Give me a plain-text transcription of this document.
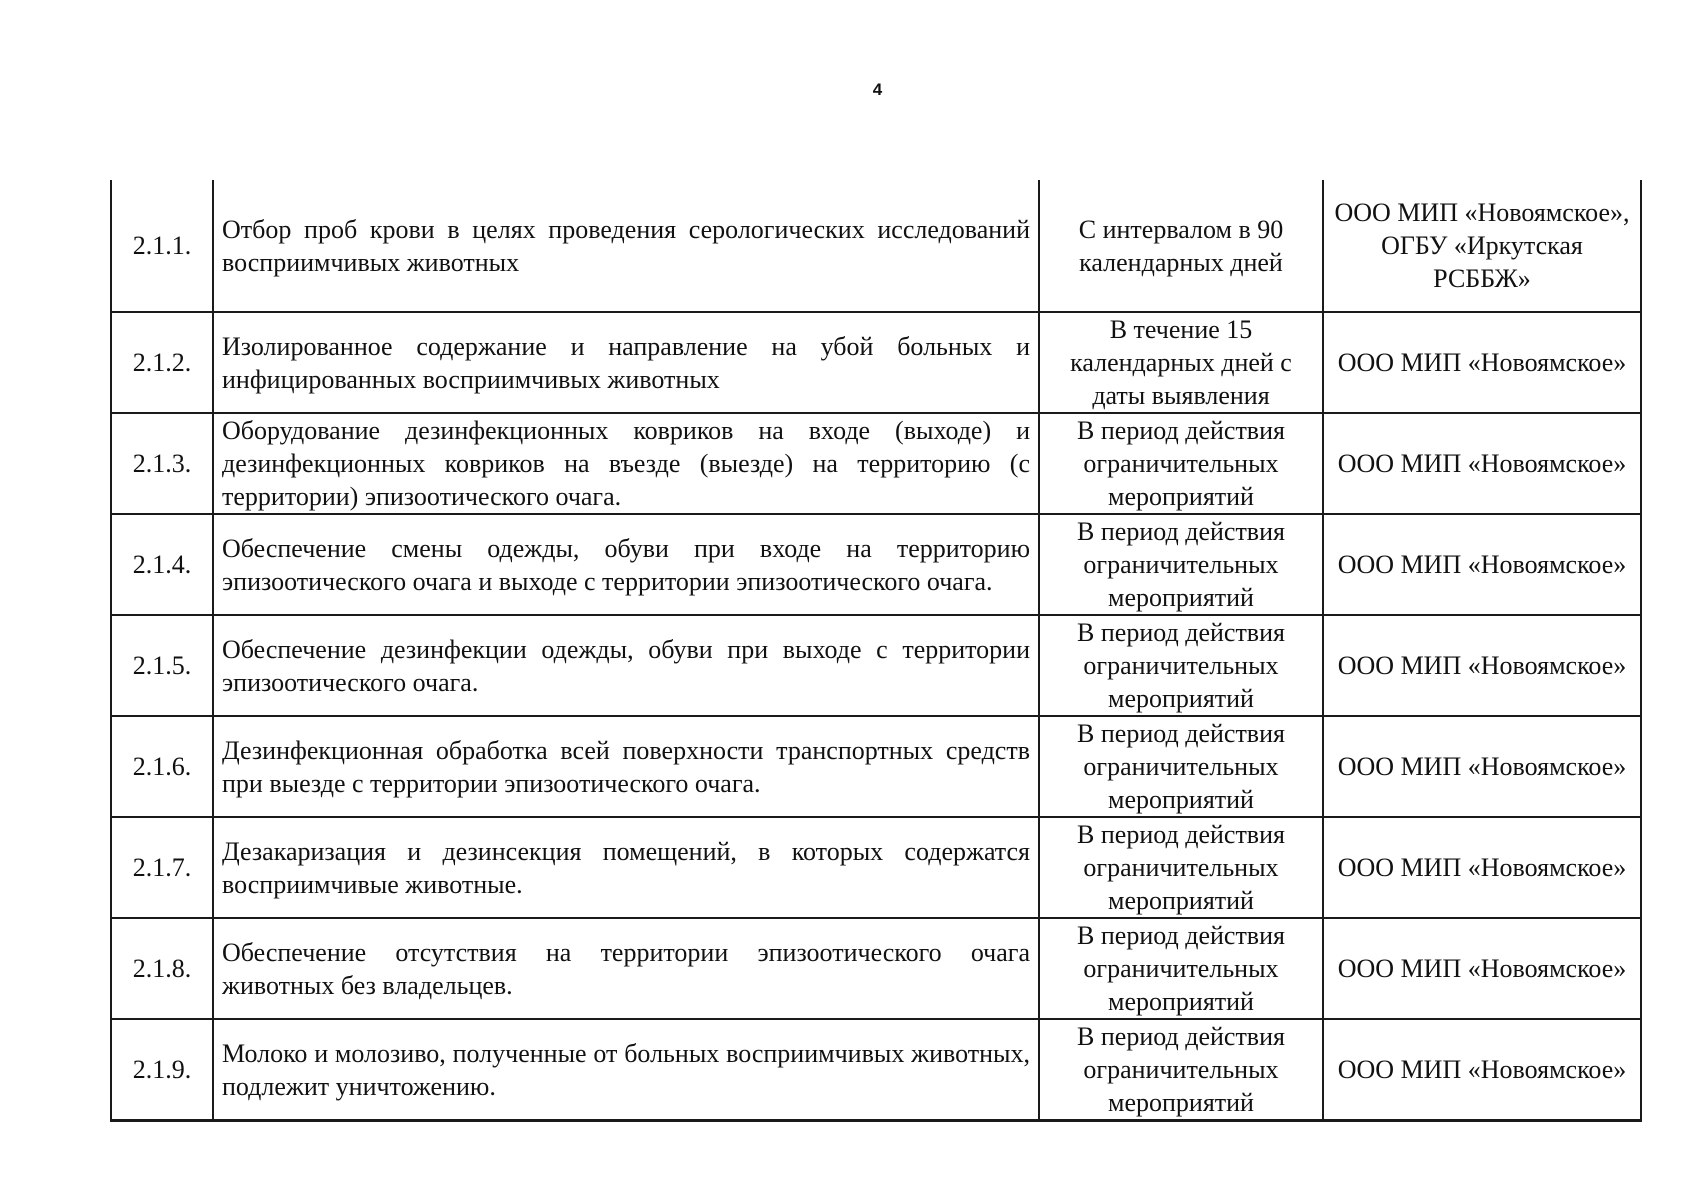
4
2.1.1.	Отбор проб крови в целях проведения серологических исследований восприимчивых животных	С интервалом в 90 календарных дней	ООО МИП «Новоямское», ОГБУ «Иркутская РСББЖ»
2.1.2.	Изолированное содержание и направление на убой больных и инфицированных восприимчивых животных	В течение 15 календарных дней с даты выявления	ООО МИП «Новоямское»
2.1.3.	Оборудование дезинфекционных ковриков на входе (выходе) и дезинфекционных ковриков на въезде (выезде) на территорию (с территории) эпизоотического очага.	В период действия ограничительных мероприятий	ООО МИП «Новоямское»
2.1.4.	Обеспечение смены одежды, обуви при входе на территорию эпизоотического очага и выходе с территории эпизоотического очага.	В период действия ограничительных мероприятий	ООО МИП «Новоямское»
2.1.5.	Обеспечение дезинфекции одежды, обуви при выходе с территории эпизоотического очага.	В период действия ограничительных мероприятий	ООО МИП «Новоямское»
2.1.6.	Дезинфекционная обработка всей поверхности транспортных средств при выезде с территории эпизоотического очага.	В период действия ограничительных мероприятий	ООО МИП «Новоямское»
2.1.7.	Дезакаризация и дезинсекция помещений, в которых содержатся восприимчивые животные.	В период действия ограничительных мероприятий	ООО МИП «Новоямское»
2.1.8.	Обеспечение отсутствия на территории эпизоотического очага животных без владельцев.	В период действия ограничительных мероприятий	ООО МИП «Новоямское»
2.1.9.	Молоко и молозиво, полученные от больных восприимчивых животных, подлежит уничтожению.	В период действия ограничительных мероприятий	ООО МИП «Новоямское»
